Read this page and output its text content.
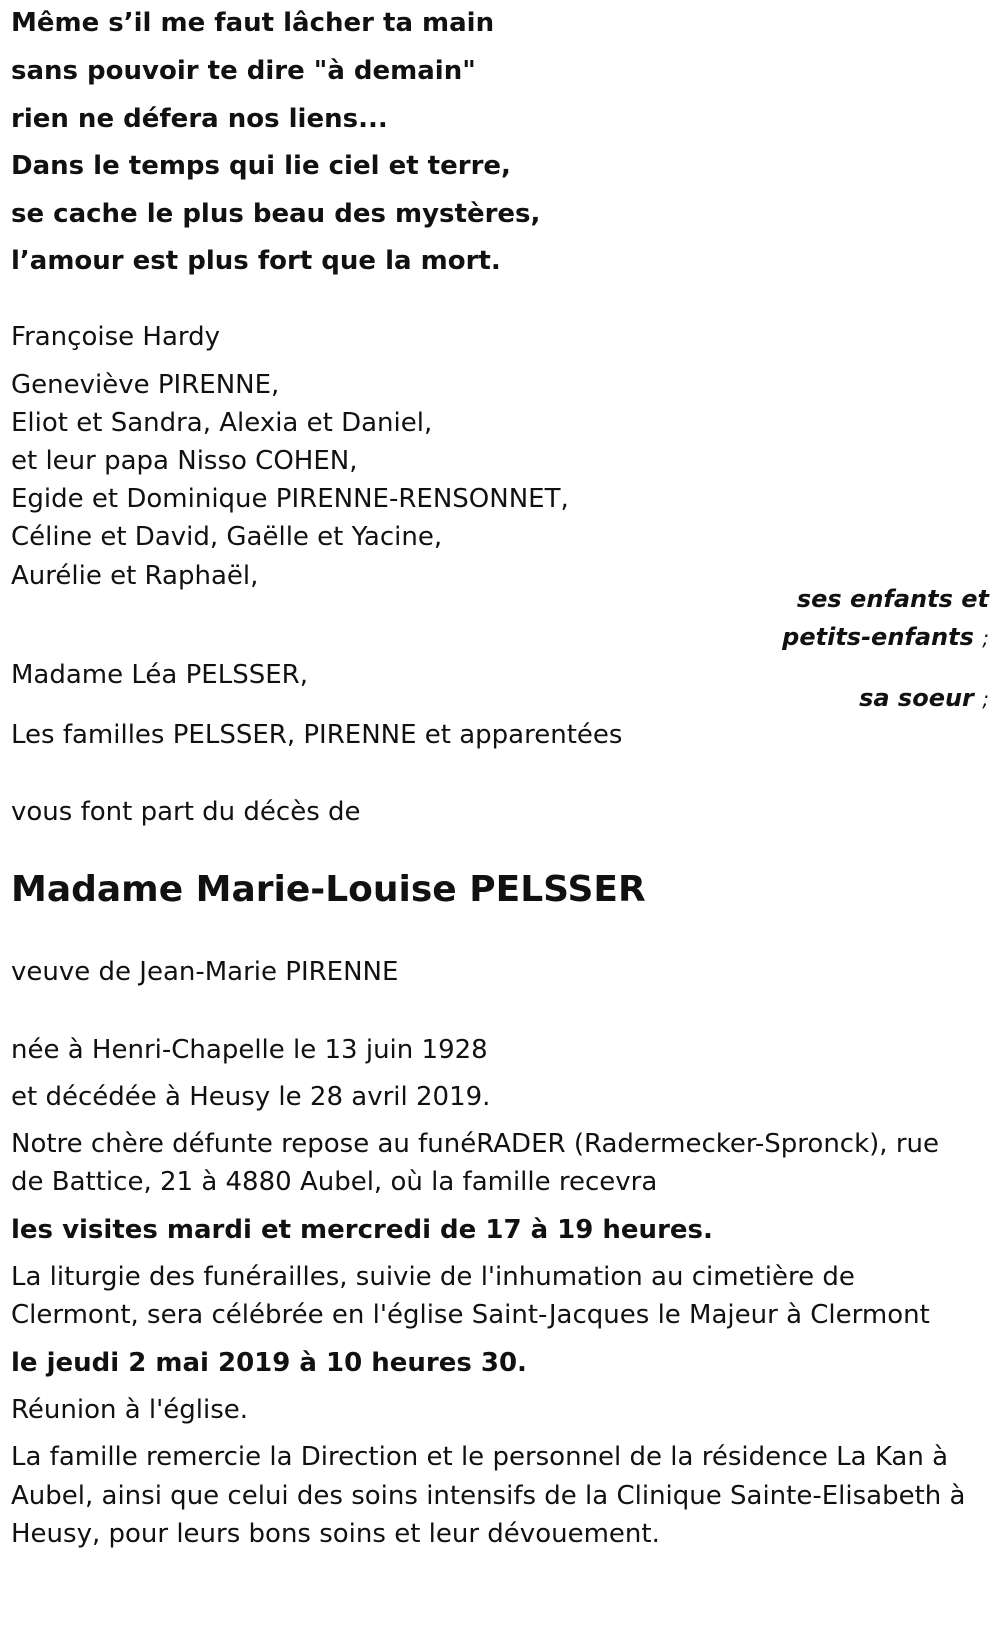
Même s’il me faut lâcher ta main
sans pouvoir te dire "à demain"
rien ne défera nos liens...
Dans le temps qui lie ciel et terre,
se cache le plus beau des mystères,
l’amour est plus fort que la mort.
Françoise Hardy
Geneviève PIRENNE,
Eliot et Sandra, Alexia et Daniel,
et leur papa Nisso COHEN,
Egide et Dominique PIRENNE-RENSONNET,
Céline et David, Gaëlle et Yacine,
Aurélie et Raphaël,
ses enfants et
petits-enfants ;
Madame Léa PELSSER,
sa soeur ;
Les familles PELSSER, PIRENNE et apparentées
vous font part du décès de
Madame Marie-Louise PELSSER
veuve de Jean-Marie PIRENNE
née à Henri-Chapelle le 13 juin 1928
et décédée à Heusy le 28 avril 2019.
Notre chère défunte repose au funéRADER (Radermecker-Spronck), rue
de Battice, 21 à 4880 Aubel, où la famille recevra
les visites mardi et mercredi de 17 à 19 heures.
La liturgie des funérailles, suivie de l'inhumation au cimetière de
Clermont, sera célébrée en l'église Saint-Jacques le Majeur à Clermont
le jeudi 2 mai 2019 à 10 heures 30.
Réunion à l'église.
La famille remercie la Direction et le personnel de la résidence La Kan à
Aubel, ainsi que celui des soins intensifs de la Clinique Sainte-Elisabeth à
Heusy, pour leurs bons soins et leur dévouement.
